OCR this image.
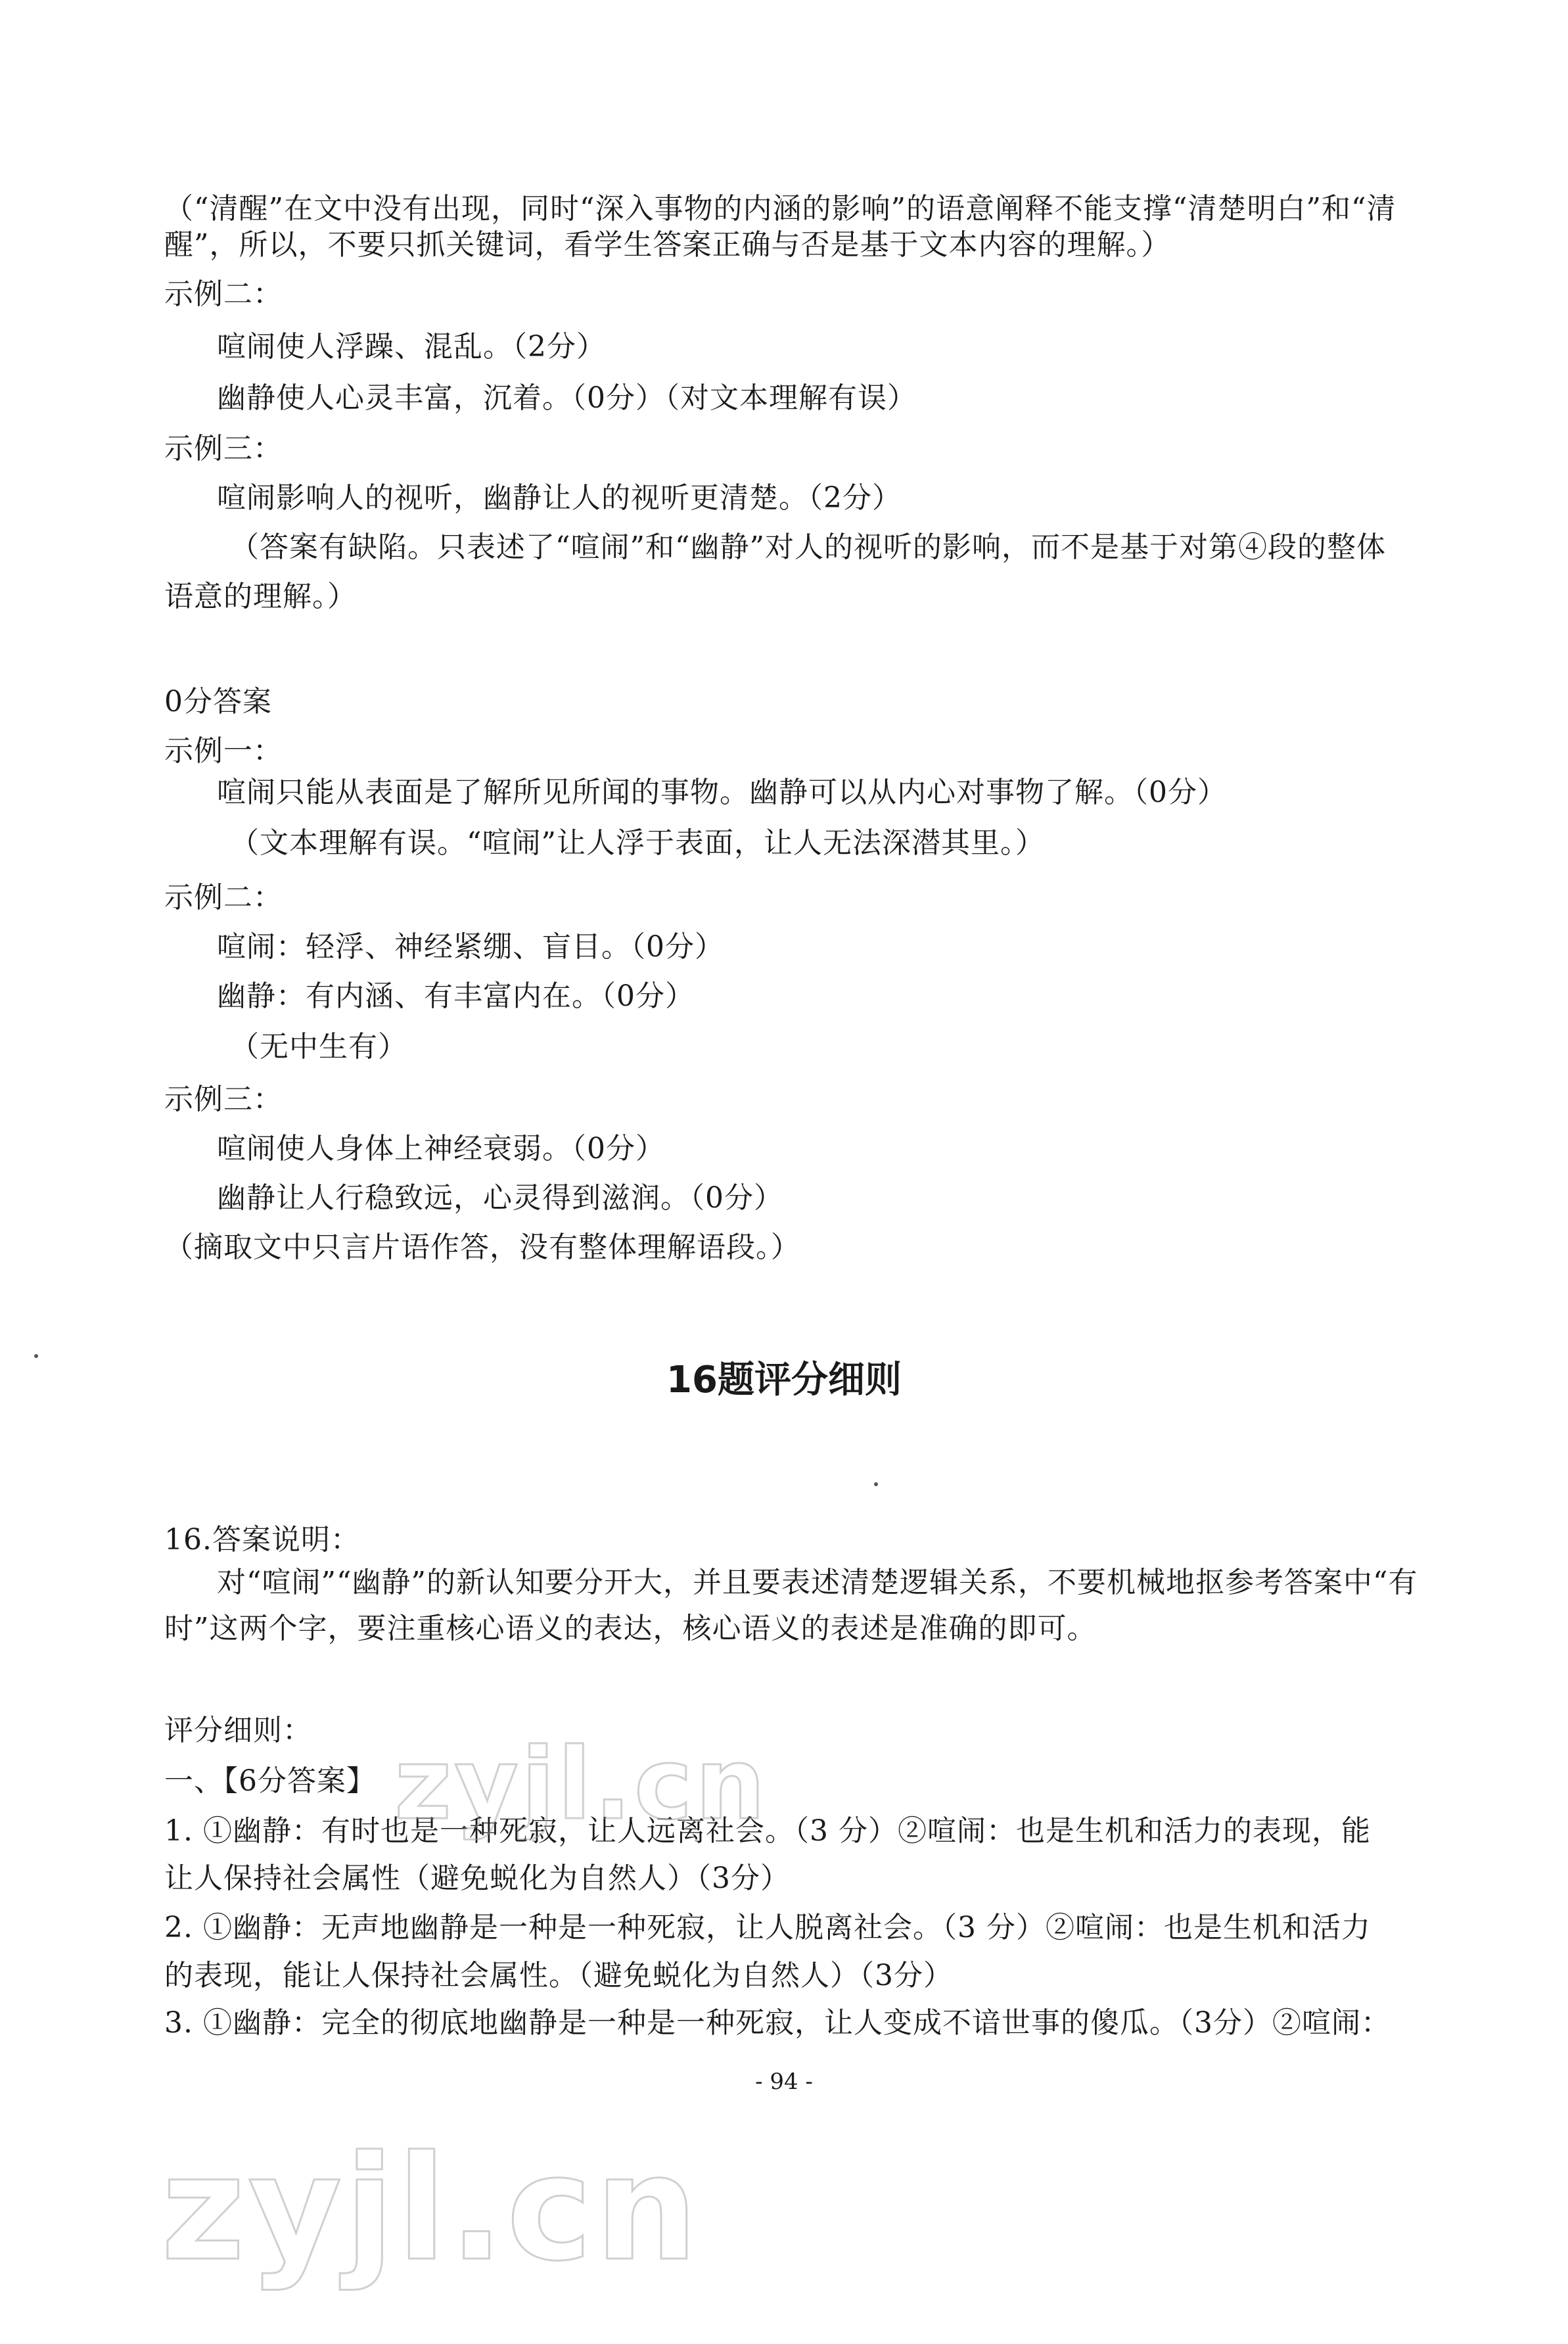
（“清醒”在文中没有出现，同时“深入事物的内涵的影响”的语意阐释不能支撑“清楚明白”和“清
醒”，所以，不要只抓关键词，看学生答案正确与否是基于文本内容的理解。）
示例二：
喧闹使人浮躁、混乱。（2分）
幽静使人心灵丰富，沉着。（0分）（对文本理解有误）
示例三：
喧闹影响人的视听，幽静让人的视听更清楚。（2分）
（答案有缺陷。只表述了“喧闹”和“幽静”对人的视听的影响，而不是基于对第④段的整体
语意的理解。）
0分答案
示例一：
喧闹只能从表面是了解所见所闻的事物。幽静可以从内心对事物了解。（0分）
（文本理解有误。“喧闹”让人浮于表面，让人无法深潜其里。）
示例二：
喧闹：轻浮、神经紧绷、盲目。（0分）
幽静：有内涵、有丰富内在。（0分）
（无中生有）
示例三：
喧闹使人身体上神经衰弱。（0分）
幽静让人行稳致远，心灵得到滋润。（0分）
（摘取文中只言片语作答，没有整体理解语段。）
16题评分细则
16.答案说明：
对“喧闹”“幽静”的新认知要分开大，并且要表述清楚逻辑关系，不要机械地抠参考答案中“有
时”这两个字，要注重核心语义的表达，核心语义的表述是准确的即可。
评分细则：
一、【6分答案】
1. ①幽静：有时也是一种死寂，让人远离社会。（3 分）②喧闹：也是生机和活力的表现，能
让人保持社会属性（避免蜕化为自然人）（3分）
2. ①幽静：无声地幽静是一种是一种死寂，让人脱离社会。（3 分）②喧闹：也是生机和活力
的表现，能让人保持社会属性。（避免蜕化为自然人）（3分）
3. ①幽静：完全的彻底地幽静是一种是一种死寂，让人变成不谙世事的傻瓜。（3分）②喧闹：
- 94 -
zyjl.cn
zyjl.cn
